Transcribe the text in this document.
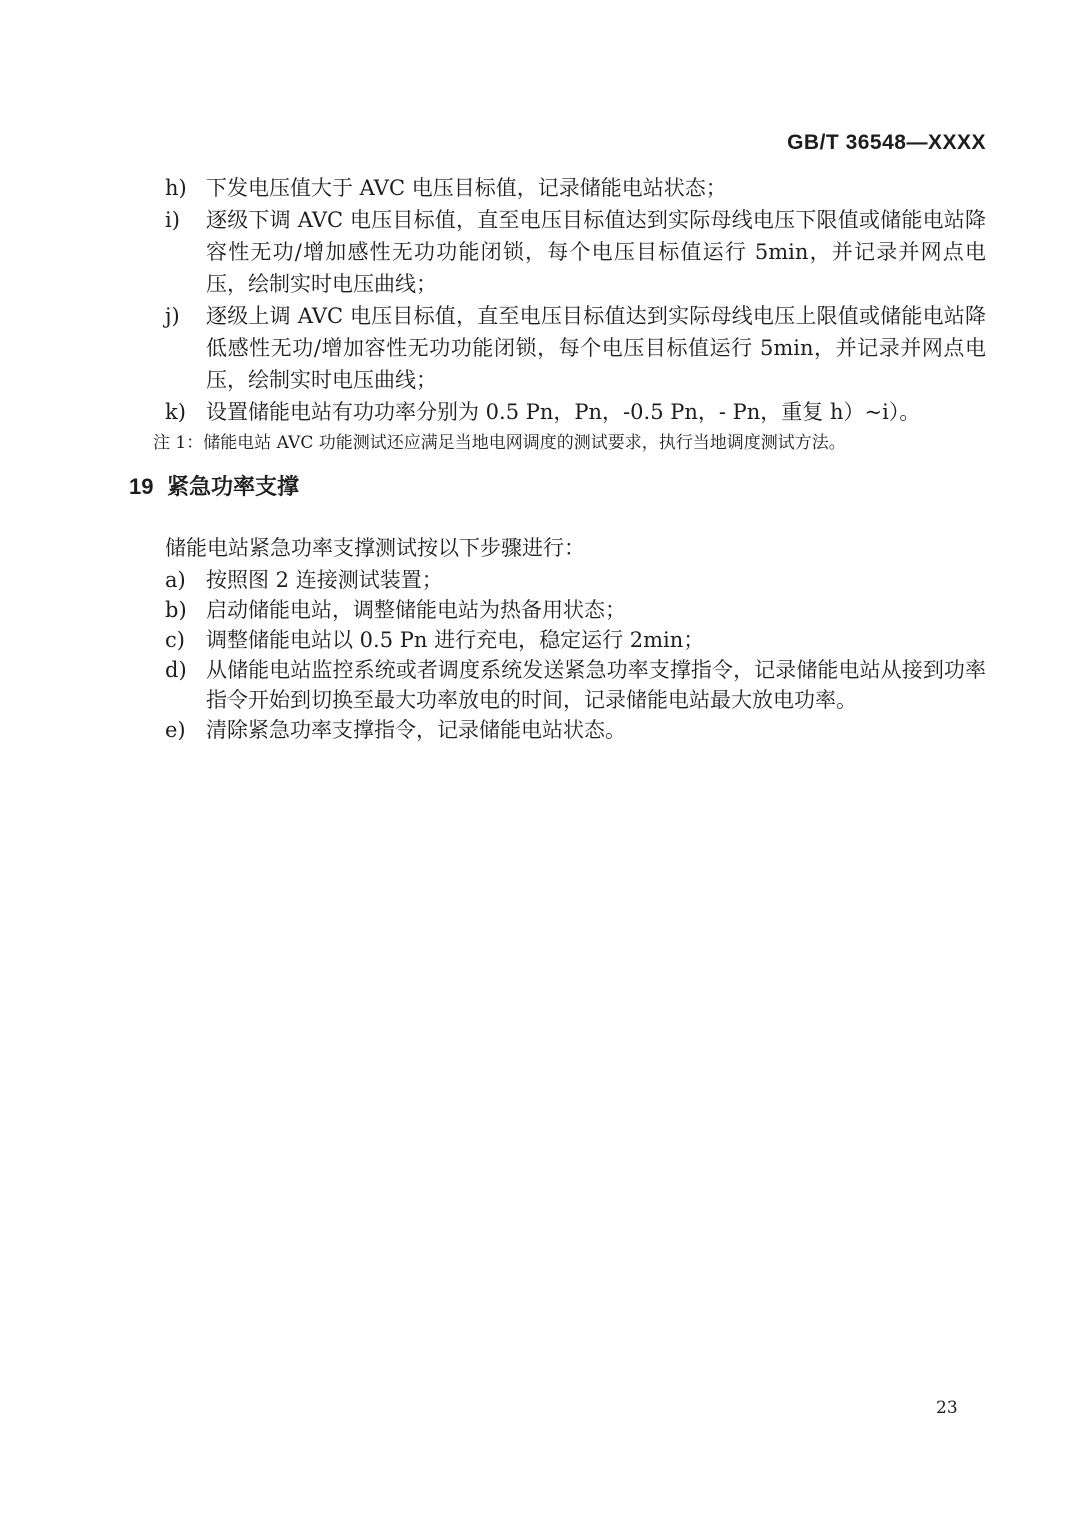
GB/T 36548—XXXX
h) 下发电压值大于 AVC 电压目标值，记录储能电站状态；
i)	逐级下调 AVC 电压目标值，直至电压目标值达到实际母线电压下限值或储能电站降容性无功/增加感性无功功能闭锁，每个电压目标值运行 5min，并记录并网点电压，绘制实时电压曲线；
j)	逐级上调 AVC 电压目标值，直至电压目标值达到实际母线电压上限值或储能电站降低感性无功/增加容性无功功能闭锁，每个电压目标值运行 5min，并记录并网点电压，绘制实时电压曲线；
k) 设置储能电站有功功率分别为 0.5 Pn，Pn，-0.5 Pn，- Pn，重复 h）~i）。
注 1：储能电站 AVC 功能测试还应满足当地电网调度的测试要求，执行当地调度测试方法。
19 紧急功率支撑
储能电站紧急功率支撑测试按以下步骤进行：
a) 按照图 2 连接测试装置；
b) 启动储能电站，调整储能电站为热备用状态；
c)	调整储能电站以 0.5 Pn 进行充电，稳定运行 2min；
d) 从储能电站监控系统或者调度系统发送紧急功率支撑指令，记录储能电站从接到功率指令开始到切换至最大功率放电的时间，记录储能电站最大放电功率。
e) 清除紧急功率支撑指令，记录储能电站状态。
23
